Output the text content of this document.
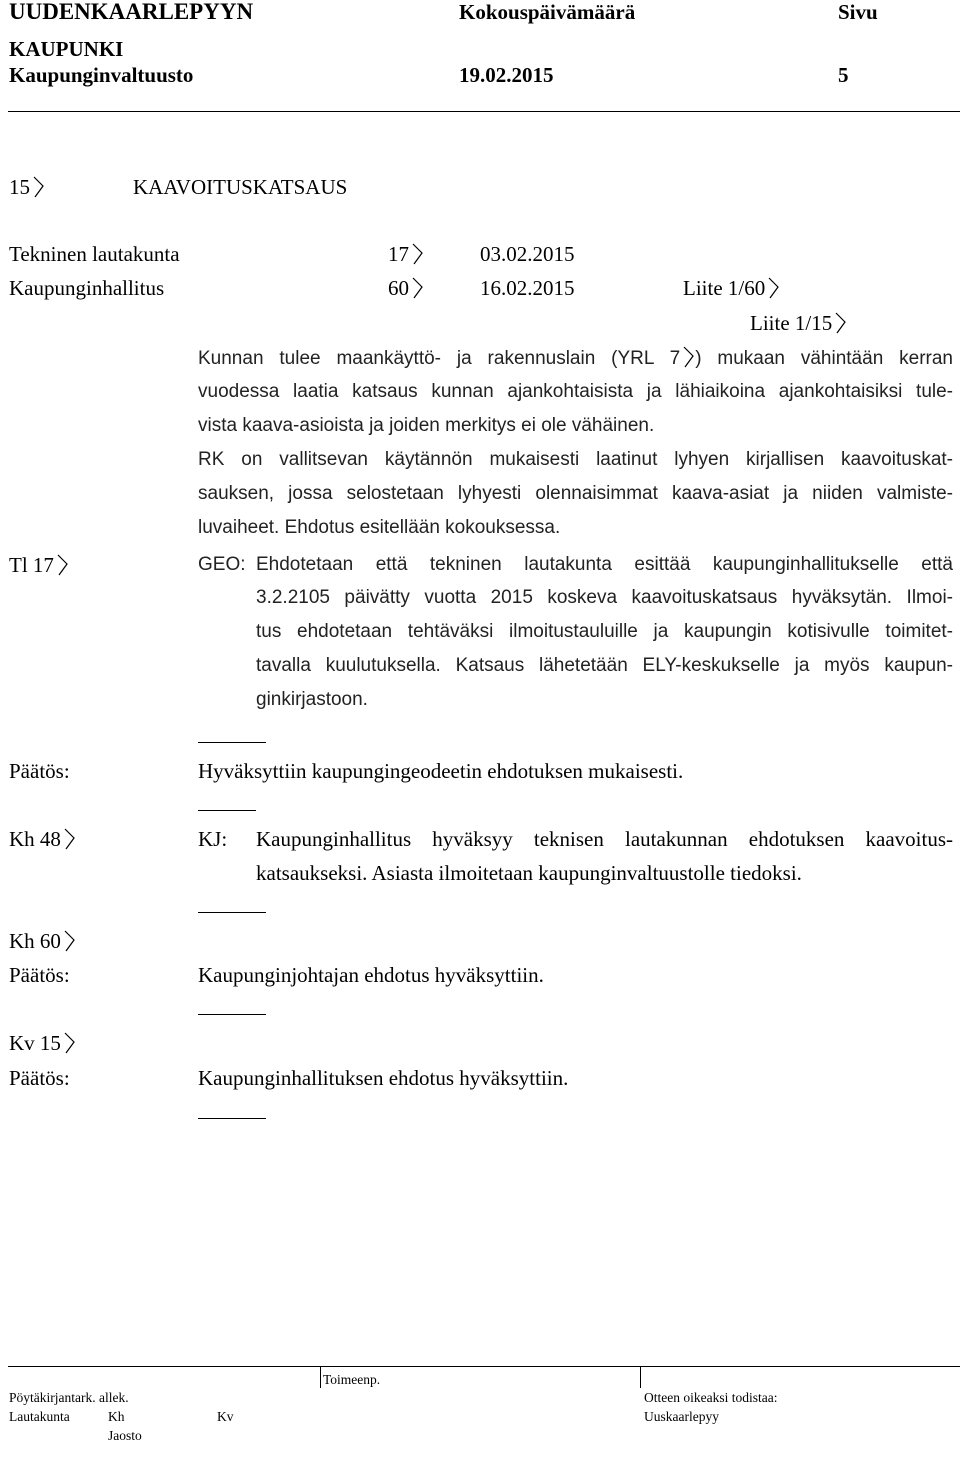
UUDENKAARLEPYYN	Kokouspäivämäärä	Sivu
KAUPUNKI
Kaupunginvaltuusto	19.02.2015	5
15	KAAVOITUSKATSAUS
Tekninen lautakunta	17	03.02.2015
Kaupunginhallitus	60	16.02.2015	Liite 1/60
Liite 1/15
Kunnan tulee maankäyttö- ja rakennuslain (YRL 7 ) mukaan vähintään kerran
vuodessa laatia katsaus kunnan ajankohtaisista ja lähiaikoina ajankohtaisiksi tule-
vista kaava-asioista ja joiden merkitys ei ole vähäinen.
RK on vallitsevan käytännön mukaisesti laatinut lyhyen kirjallisen kaavoituskat-
sauksen, jossa selostetaan lyhyesti olennaisimmat kaava-asiat ja niiden valmiste-
luvaiheet. Ehdotus esitellään kokouksessa.
Tl 17	GEO: Ehdotetaan että tekninen lautakunta esittää kaupunginhallitukselle että
3.2.2105 päivätty vuotta 2015 koskeva kaavoituskatsaus hyväksytän. Ilmoi-
tus ehdotetaan tehtäväksi ilmoitustauluille ja kaupungin kotisivulle toimitet-
tavalla kuulutuksella. Katsaus lähetetään ELY-keskukselle ja myös kaupun-
ginkirjastoon.
Päätös:	Hyväksyttiin kaupungingeodeetin ehdotuksen mukaisesti.
Kh 48	KJ: Kaupunginhallitus hyväksyy teknisen lautakunnan ehdotuksen kaavoitus-
katsaukseksi. Asiasta ilmoitetaan kaupunginvaltuustolle tiedoksi.
Kh 60
Päätös:	Kaupunginjohtajan ehdotus hyväksyttiin.
Kv 15
Päätös:	Kaupunginhallituksen ehdotus hyväksyttiin.
Toimeenp.
Pöytäkirjantark. allek.	Otteen oikeaksi todistaa:
Lautakunta	Kh	Kv	Uuskaarlepyy
Jaosto
